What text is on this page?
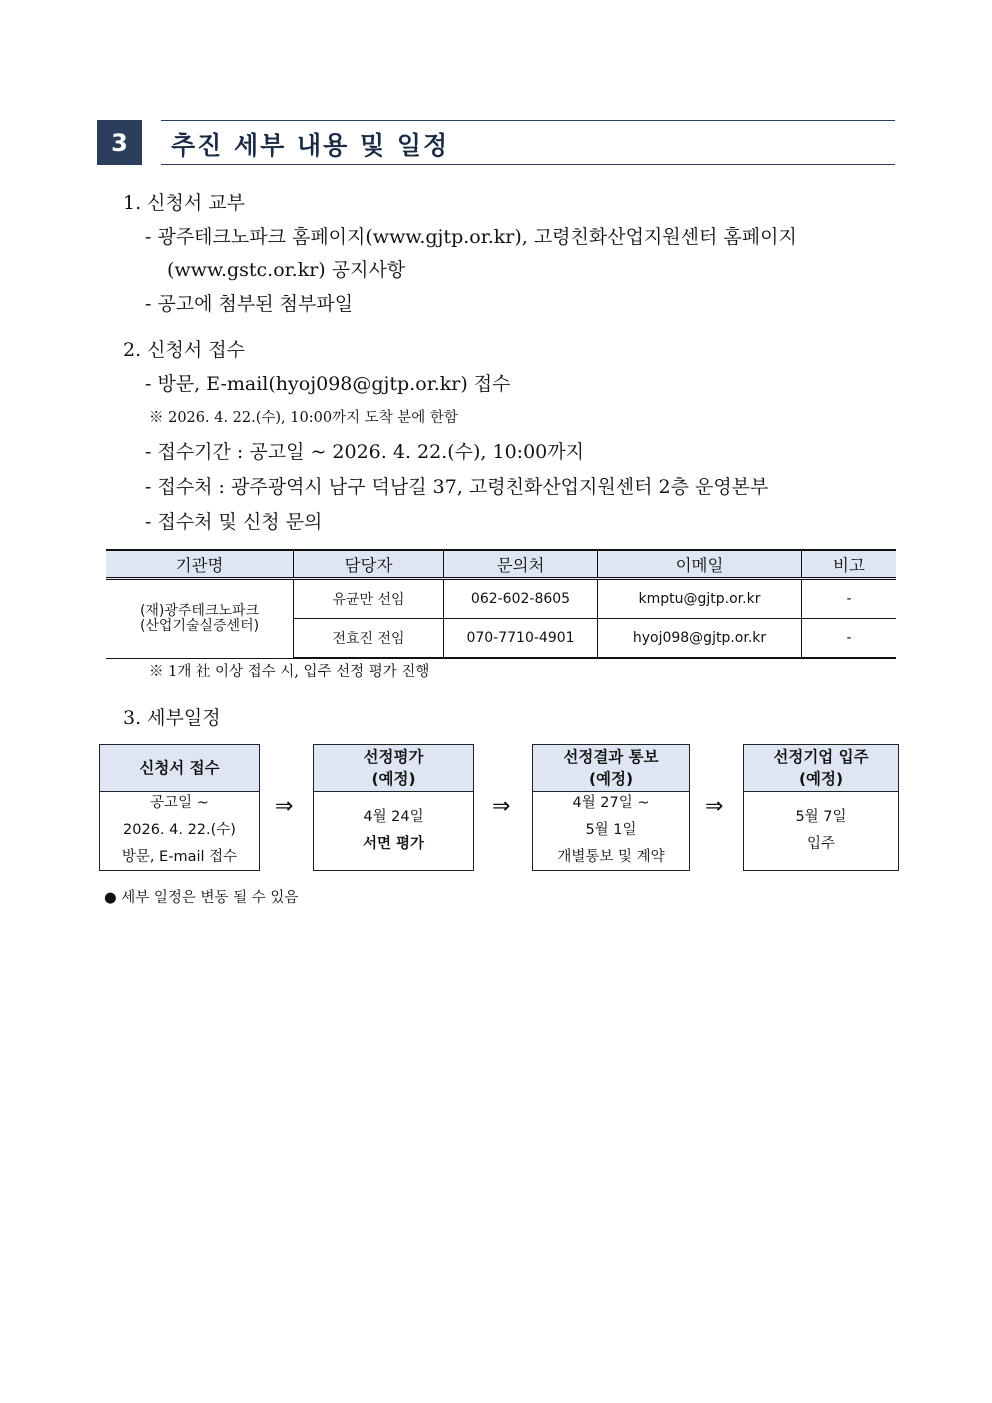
3	추진 세부 내용 및 일정
1. 신청서 교부
- 광주테크노파크 홈페이지(www.gjtp.or.kr), 고령친화산업지원센터 홈페이지
(www.gstc.or.kr) 공지사항
- 공고에 첨부된 첨부파일
2. 신청서 접수
- 방문, E-mail(hyoj098@gjtp.or.kr) 접수
※ 2026. 4. 22.(수), 10:00까지 도착 분에 한함
- 접수기간 : 공고일 ~ 2026. 4. 22.(수), 10:00까지
- 접수처 : 광주광역시 남구 덕남길 37, 고령친화산업지원센터 2층 운영본부
- 접수처 및 신청 문의
기관명	담당자	문의처	이메일	비고

(재)광주테크노파크
(산업기술실증센터)	유균만 선임	062-602-8605	kmptu@gjtp.or.kr	-
	전효진 전임	070-7710-4901	hyoj098@gjtp.or.kr	-
※ 1개 社 이상 접수 시, 입주 선정 평가 진행
3. 세부일정
신청서 접수
공고일 ~
2026. 4. 22.(수)
방문, E-mail 접수
⇒
선정평가
(예정)
4월 24일
서면 평가
⇒
선정결과 통보
(예정)
4월 27일 ~
5월 1일
개별통보 및 계약
⇒
선정기업 입주
(예정)
5월 7일
입주
● 세부 일정은 변동 될 수 있음
